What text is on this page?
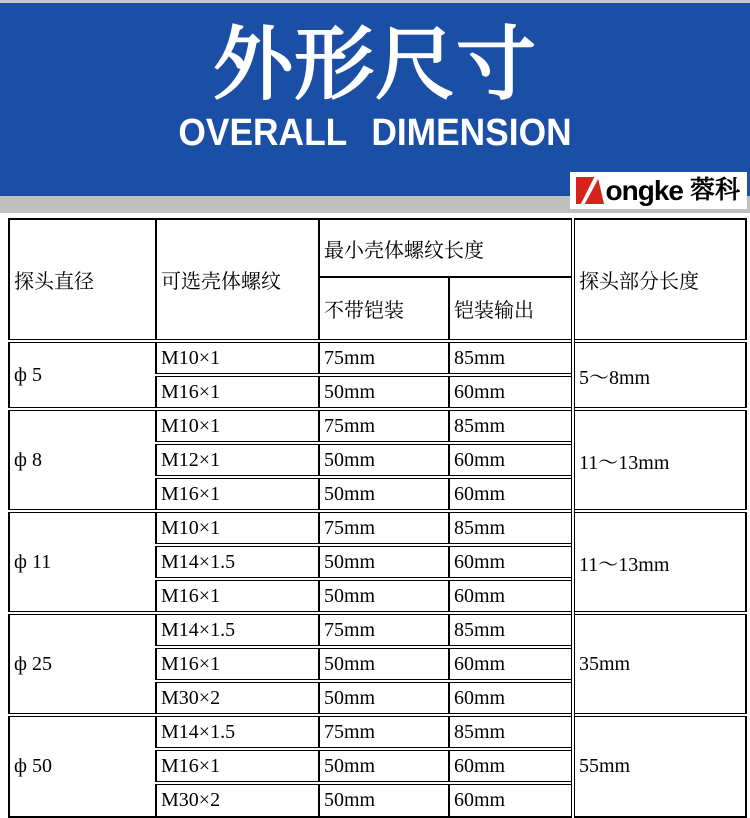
外形尺寸
OVERALL DIMENSION
ongke 蓉科
探头直径	可选壳体螺纹	最小壳体螺纹长度		探头部分长度
		不带铠装	铠装输出	
ф 5	M10×1	75mm	85mm	5～8mm
	M16×1	50mm	60mm	
ф 8	M10×1	75mm	85mm	11～13mm
	M12×1	50mm	60mm	
	M16×1	50mm	60mm	
ф 11	M10×1	75mm	85mm	11～13mm
	M14×1.5	50mm	60mm	
	M16×1	50mm	60mm	
ф 25	M14×1.5	75mm	85mm	35mm
	M16×1	50mm	60mm	
	M30×2	50mm	60mm	
ф 50	M14×1.5	75mm	85mm	55mm
	M16×1	50mm	60mm	
	M30×2	50mm	60mm	
